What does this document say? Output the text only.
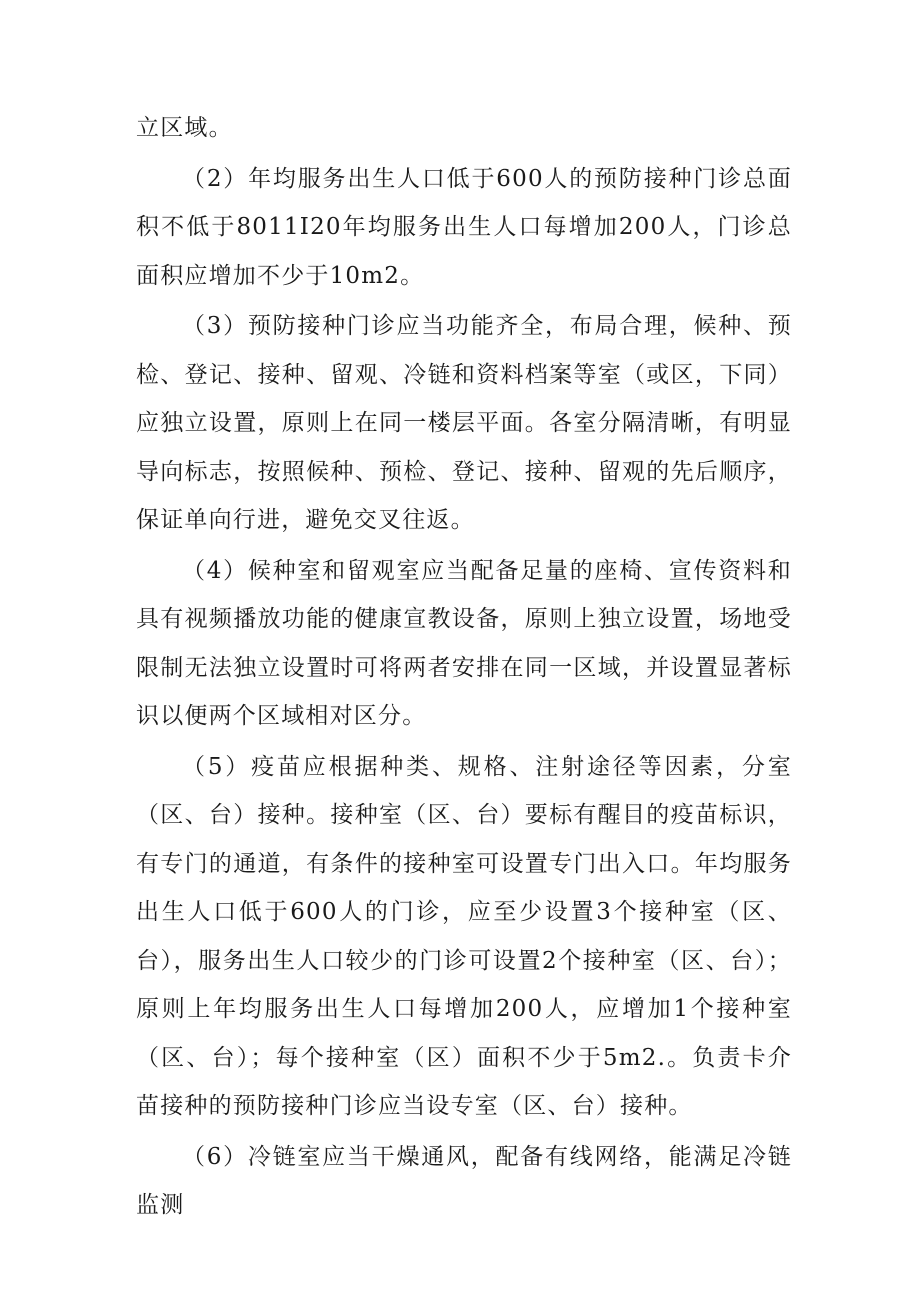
立区域。

（2）年均服务出生人口低于600人的预防接种门诊总面积不低于8011I20年均服务出生人口每增加200人，门诊总面积应增加不少于10m2。

（3）预防接种门诊应当功能齐全，布局合理，候种、预检、登记、接种、留观、冷链和资料档案等室（或区，下同）应独立设置，原则上在同一楼层平面。各室分隔清晰，有明显导向标志，按照候种、预检、登记、接种、留观的先后顺序，保证单向行进，避免交叉往返。

（4）候种室和留观室应当配备足量的座椅、宣传资料和具有视频播放功能的健康宣教设备，原则上独立设置，场地受限制无法独立设置时可将两者安排在同一区域，并设置显著标识以便两个区域相对区分。

（5）疫苗应根据种类、规格、注射途径等因素，分室（区、台）接种。接种室（区、台）要标有醒目的疫苗标识，有专门的通道，有条件的接种室可设置专门出入口。年均服务出生人口低于600人的门诊，应至少设置3个接种室（区、台），服务出生人口较少的门诊可设置2个接种室（区、台）；原则上年均服务出生人口每增加200人，应增加1个接种室（区、台）；每个接种室（区）面积不少于5m2.。负责卡介苗接种的预防接种门诊应当设专室（区、台）接种。

（6）冷链室应当干燥通风，配备有线网络，能满足冷链监测
